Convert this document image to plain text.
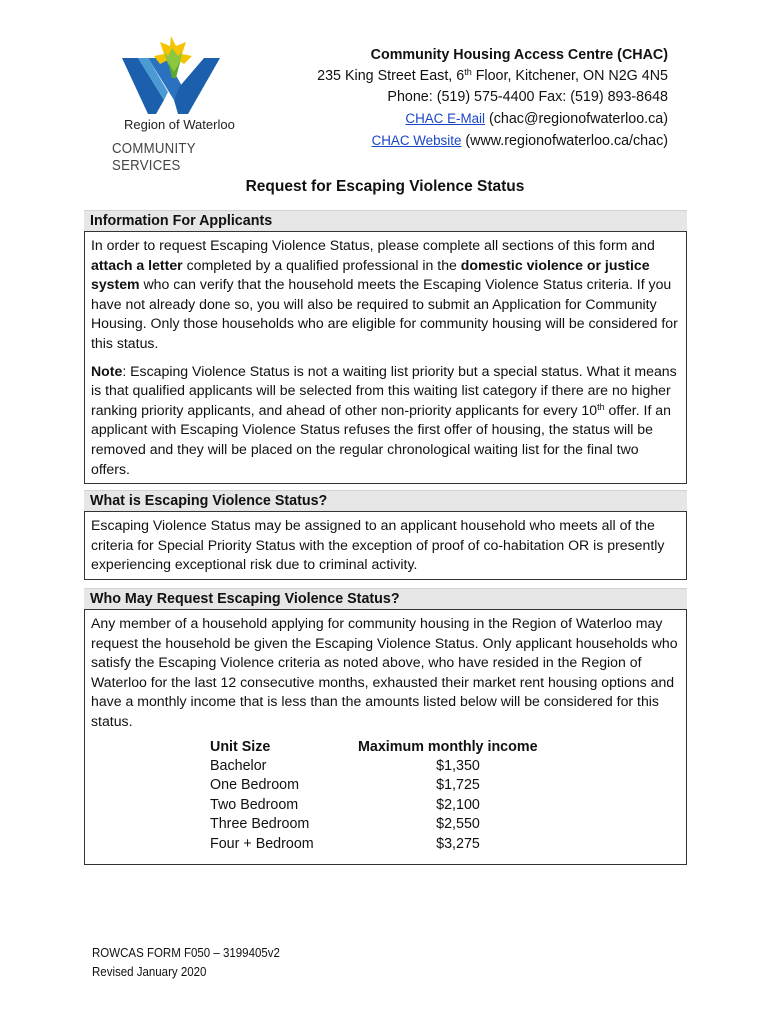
Region of Waterloo
COMMUNITY SERVICES
Community Housing Access Centre (CHAC)
235 King Street East, 6th Floor, Kitchener, ON N2G 4N5
Phone: (519) 575-4400 Fax: (519) 893-8648
CHAC E-Mail (chac@regionofwaterloo.ca)
CHAC Website (www.regionofwaterloo.ca/chac)
Request for Escaping Violence Status
Information For Applicants

In order to request Escaping Violence Status, please complete all sections of this form and attach a letter completed by a qualified professional in the domestic violence or justice system who can verify that the household meets the Escaping Violence Status criteria. If you have not already done so, you will also be required to submit an Application for Community Housing. Only those households who are eligible for community housing will be considered for this status.

Note: Escaping Violence Status is not a waiting list priority but a special status. What it means is that qualified applicants will be selected from this waiting list category if there are no higher ranking priority applicants, and ahead of other non-priority applicants for every 10th offer. If an applicant with Escaping Violence Status refuses the first offer of housing, the status will be removed and they will be placed on the regular chronological waiting list for the final two offers.

What is Escaping Violence Status?

Escaping Violence Status may be assigned to an applicant household who meets all of the criteria for Special Priority Status with the exception of proof of co-habitation OR is presently experiencing exceptional risk due to criminal activity.

Who May Request Escaping Violence Status?

Any member of a household applying for community housing in the Region of Waterloo may request the household be given the Escaping Violence Status. Only applicant households who satisfy the Escaping Violence criteria as noted above, who have resided in the Region of Waterloo for the last 12 consecutive months, exhausted their market rent housing options and have a monthly income that is less than the amounts listed below will be considered for this status.

Unit Size	Maximum monthly income
Bachelor	$1,350
One Bedroom	$1,725
Two Bedroom	$2,100
Three Bedroom	$2,550
Four + Bedroom	$3,275
ROWCAS FORM F050 – 3199405v2
Revised January 2020
